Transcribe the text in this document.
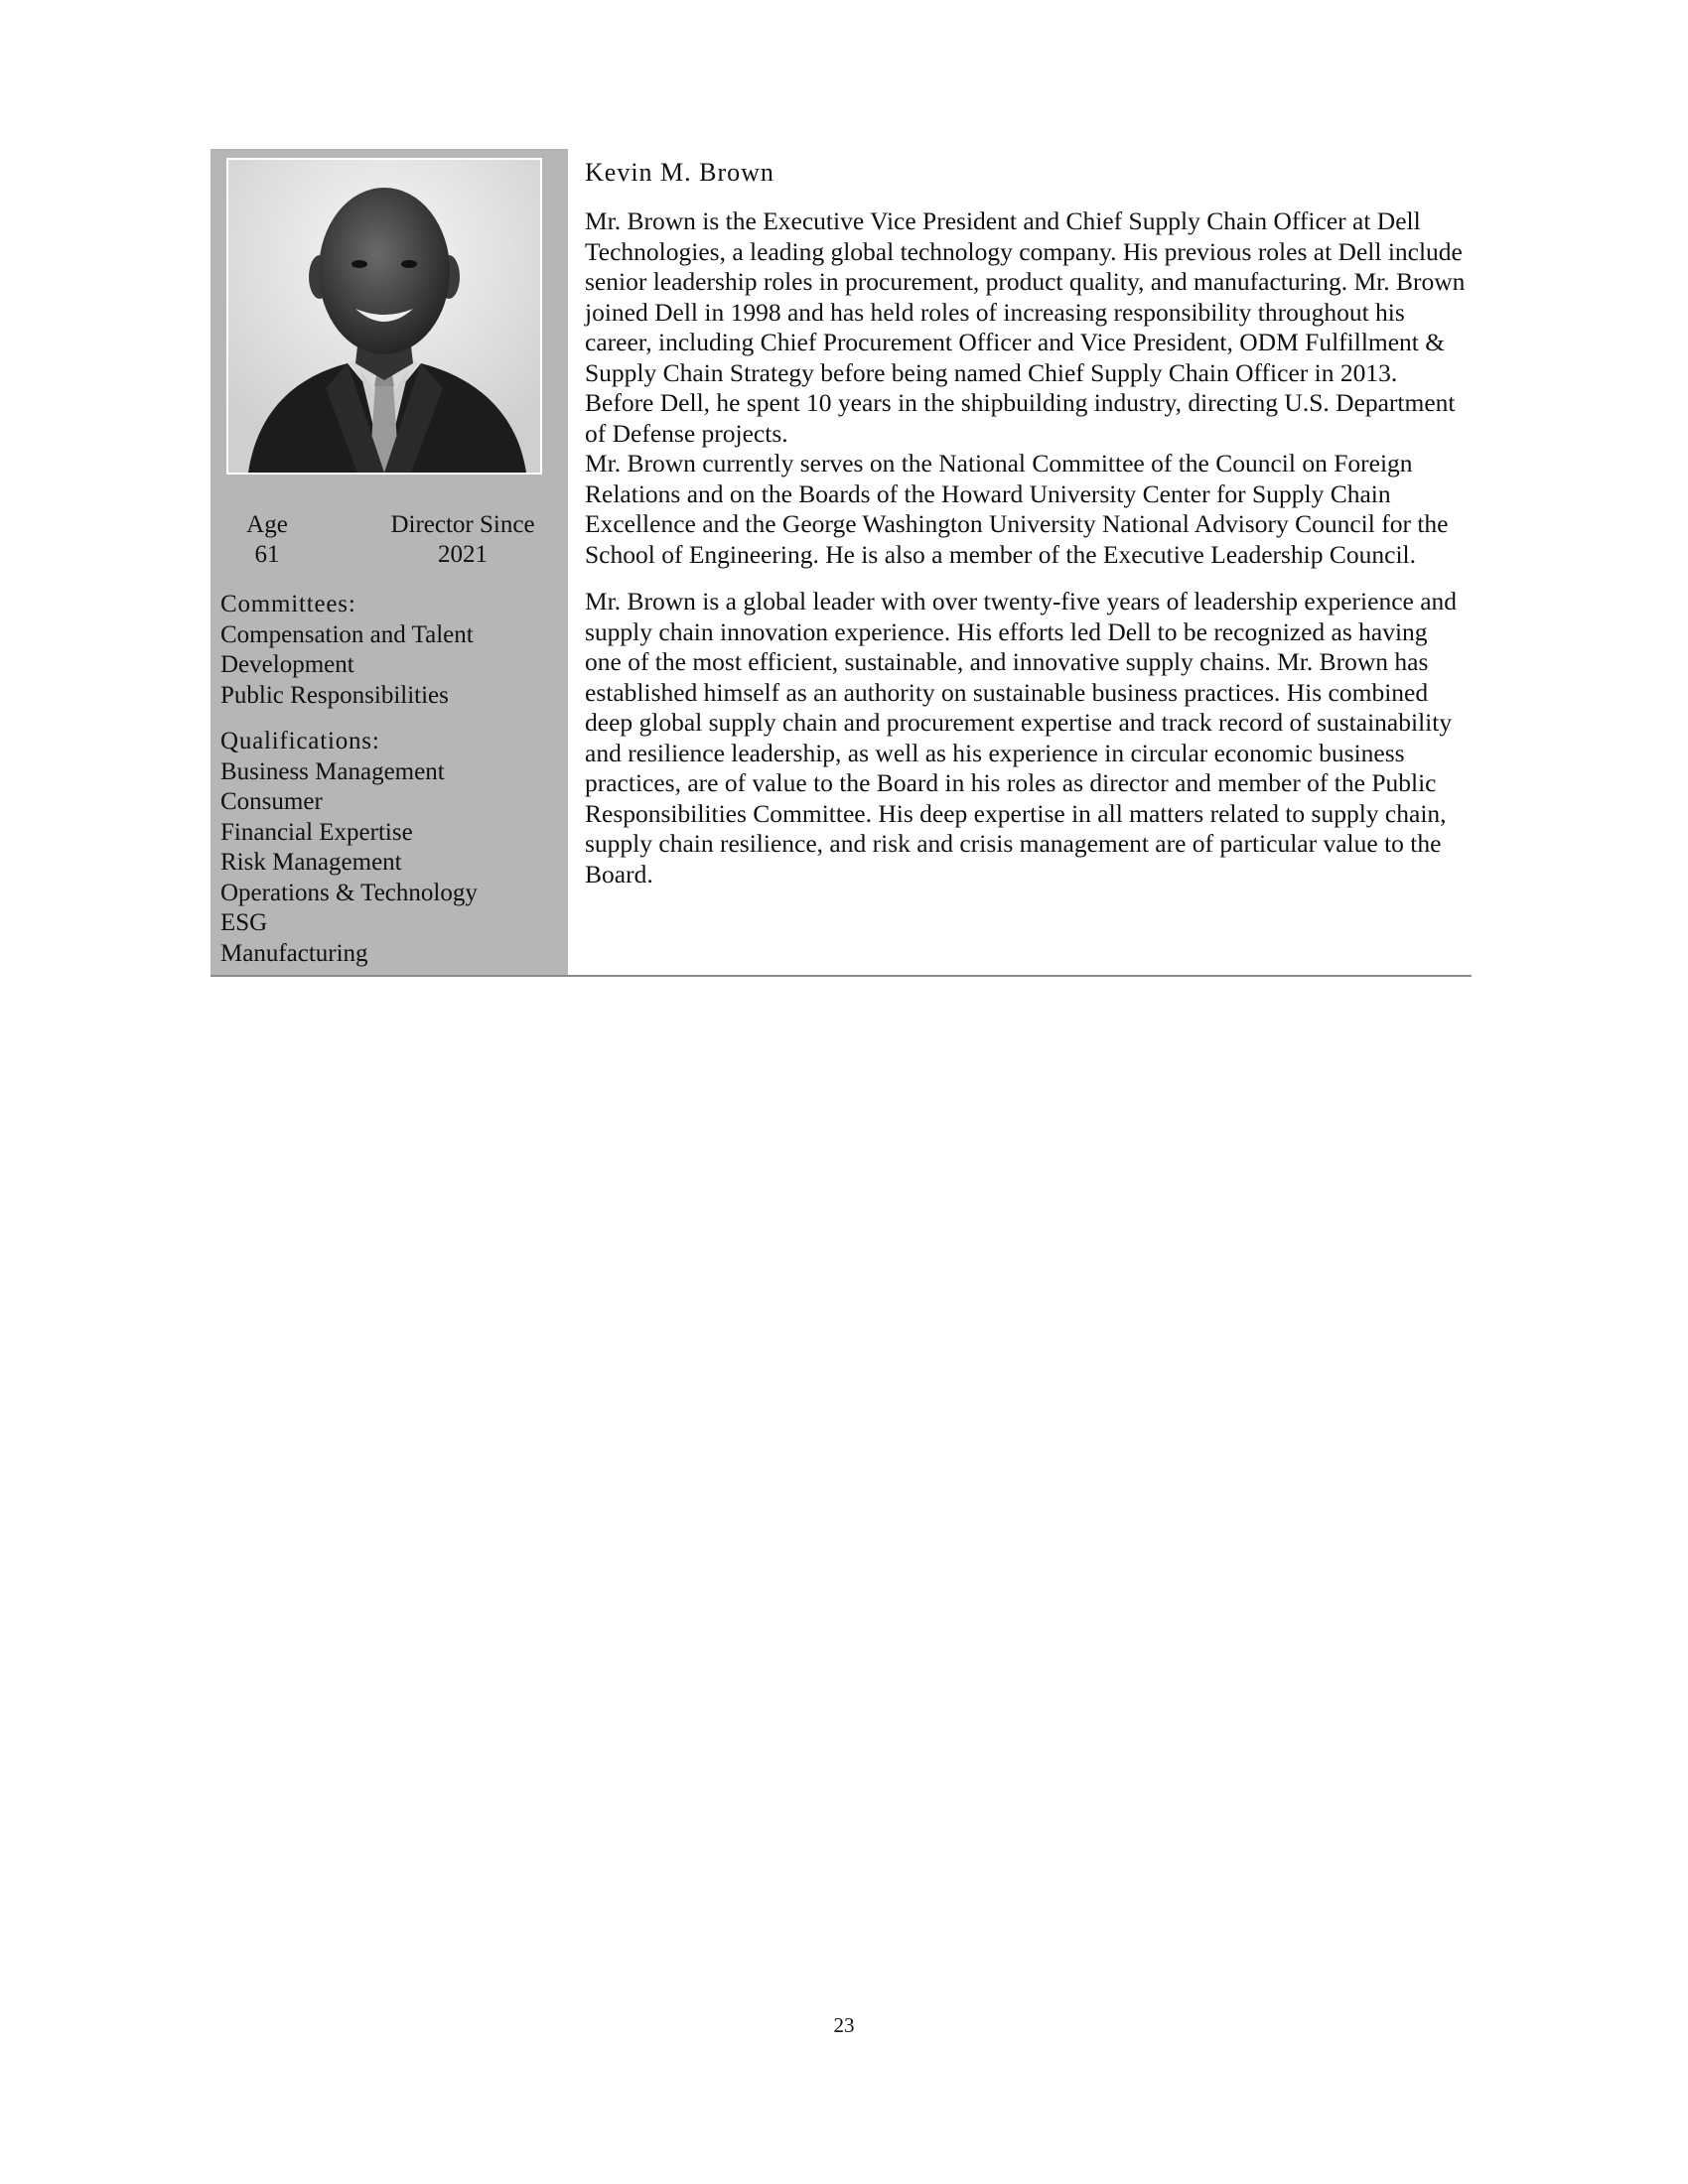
Age
61
Director Since
2021
Committees:
Compensation and Talent Development
Public Responsibilities
Qualifications:
Business Management
Consumer
Financial Expertise
Risk Management
Operations & Technology
ESG
Manufacturing
Kevin M. Brown

Mr. Brown is the Executive Vice President and Chief Supply Chain Officer at Dell Technologies, a leading global technology company. His previous roles at Dell include senior leadership roles in procurement, product quality, and manufacturing. Mr. Brown joined Dell in 1998 and has held roles of increasing responsibility throughout his career, including Chief Procurement Officer and Vice President, ODM Fulfillment & Supply Chain Strategy before being named Chief Supply Chain Officer in 2013. Before Dell, he spent 10 years in the shipbuilding industry, directing U.S. Department of Defense projects.

Mr. Brown currently serves on the National Committee of the Council on Foreign Relations and on the Boards of the Howard University Center for Supply Chain Excellence and the George Washington University National Advisory Council for the School of Engineering. He is also a member of the Executive Leadership Council.

Mr. Brown is a global leader with over twenty-five years of leadership experience and supply chain innovation experience. His efforts led Dell to be recognized as having one of the most efficient, sustainable, and innovative supply chains. Mr. Brown has established himself as an authority on sustainable business practices. His combined deep global supply chain and procurement expertise and track record of sustainability and resilience leadership, as well as his experience in circular economic business practices, are of value to the Board in his roles as director and member of the Public Responsibilities Committee. His deep expertise in all matters related to supply chain, supply chain resilience, and risk and crisis management are of particular value to the Board.

23
